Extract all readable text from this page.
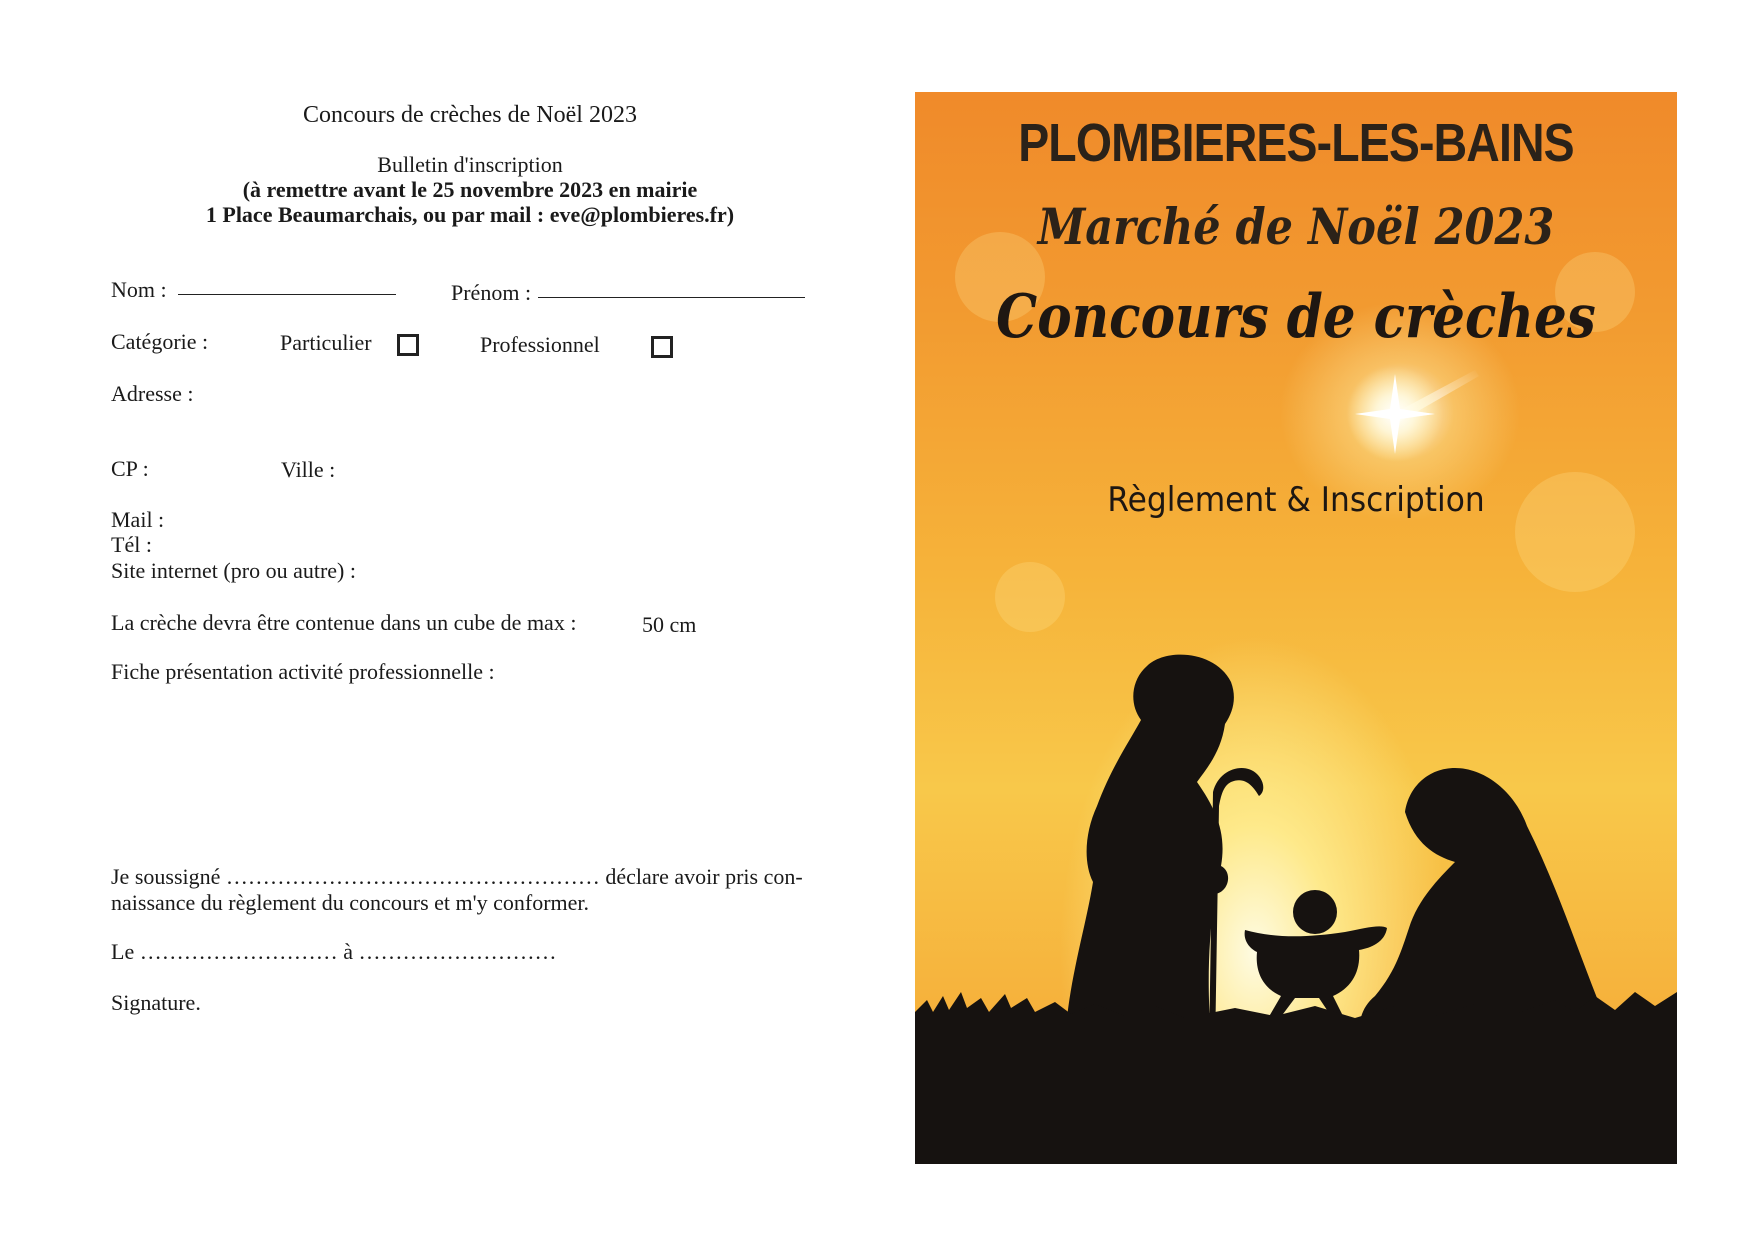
Concours de crèches de Noël 2023
Bulletin d'inscription
(à remettre avant le 25 novembre 2023 en mairie
1 Place Beaumarchais, ou par mail : eve@plombieres.fr)
Nom :	Prénom :
Catégorie :	Particulier	Professionnel
Adresse :
CP :	Ville :
Mail :
Tél :
Site internet (pro ou autre) :
La crèche devra être contenue dans un cube de max :	50 cm
Fiche présentation activité professionnelle :
Je soussigné …………………………………………… déclare avoir pris con-
naissance du règlement du concours et m'y conformer.
Le ……………………… à ………………………
Signature.
PLOMBIERES-LES-BAINS
Marché de Noël 2023
Concours de crèches
Règlement & Inscription
